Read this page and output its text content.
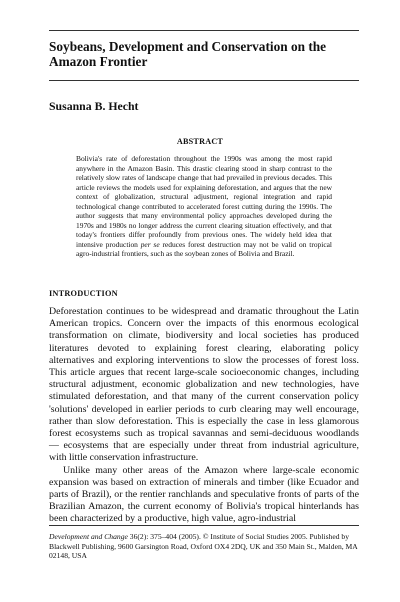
Soybeans, Development and Conservation on the Amazon Frontier

Susanna B. Hecht

ABSTRACT

Bolivia's rate of deforestation throughout the 1990s was among the most rapid anywhere in the Amazon Basin. This drastic clearing stood in sharp contrast to the relatively slow rates of landscape change that had prevailed in previous decades. This article reviews the models used for explaining deforestation, and argues that the new context of globalization, structural adjustment, regional integration and rapid technological change contributed to accelerated forest cutting during the 1990s. The author suggests that many environmental policy approaches developed during the 1970s and 1980s no longer address the current clearing situation effectively, and that today's frontiers differ profoundly from previous ones. The widely held idea that intensive production per se reduces forest destruction may not be valid on tropical agro-industrial frontiers, such as the soybean zones of Bolivia and Brazil.

INTRODUCTION

Deforestation continues to be widespread and dramatic throughout the Latin American tropics. Concern over the impacts of this enormous ecological transformation on climate, biodiversity and local societies has produced literatures devoted to explaining forest clearing, elaborating policy alternatives and exploring interventions to slow the processes of forest loss. This article argues that recent large-scale socioeconomic changes, including structural adjustment, economic globalization and new technologies, have stimulated deforestation, and that many of the current conservation policy 'solutions' developed in earlier periods to curb clearing may well encourage, rather than slow deforestation. This is especially the case in less glamorous forest ecosystems such as tropical savannas and semi-deciduous woodlands — ecosystems that are especially under threat from industrial agriculture, with little conservation infrastructure.

Unlike many other areas of the Amazon where large-scale economic expansion was based on extraction of minerals and timber (like Ecuador and parts of Brazil), or the rentier ranchlands and speculative fronts of parts of the Brazilian Amazon, the current economy of Bolivia's tropical hinterlands has been characterized by a productive, high value, agro-industrial

Development and Change 36(2): 375–404 (2005). © Institute of Social Studies 2005. Published by Blackwell Publishing, 9600 Garsington Road, Oxford OX4 2DQ, UK and 350 Main St., Malden, MA 02148, USA
